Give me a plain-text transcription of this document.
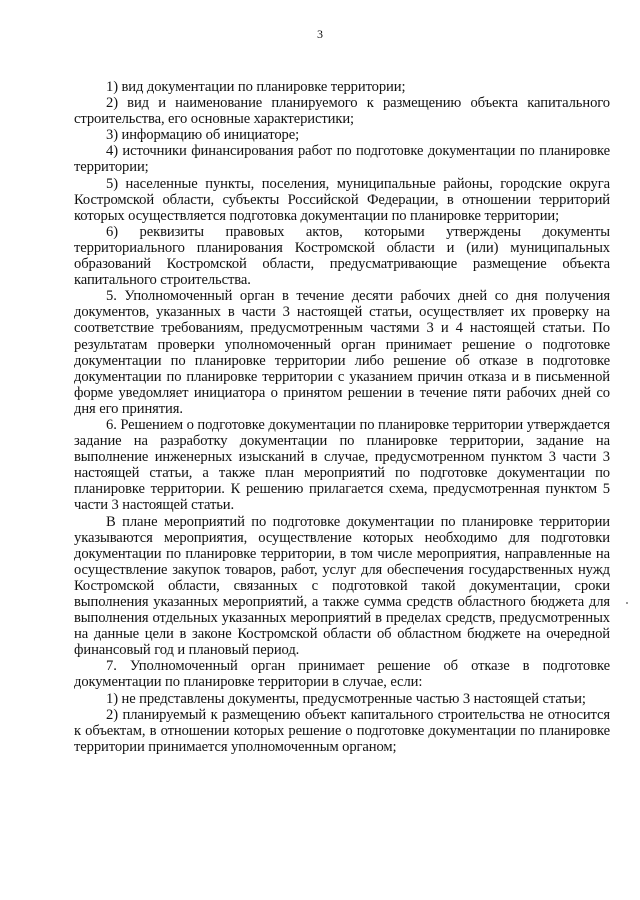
3

1) вид документации по планировке территории;

2) вид и наименование планируемого к размещению объекта капитального строительства, его основные характеристики;

3) информацию об инициаторе;

4) источники финансирования работ по подготовке документации по планировке территории;

5) населенные пункты, поселения, муниципальные районы, городские округа Костромской области, субъекты Российской Федерации, в отношении территорий которых осуществляется подготовка документации по планировке территории;

6) реквизиты правовых актов, которыми утверждены документы территориального планирования Костромской области и (или) муниципальных образований Костромской области, предусматривающие размещение объекта капитального строительства.

5. Уполномоченный орган в течение десяти рабочих дней со дня получения документов, указанных в части 3 настоящей статьи, осуществляет их проверку на соответствие требованиям, предусмотренным частями 3 и 4 настоящей статьи. По результатам проверки уполномоченный орган принимает решение о подготовке документации по планировке территории либо решение об отказе в подготовке документации по планировке территории с указанием причин отказа и в письменной форме уведомляет инициатора о принятом решении в течение пяти рабочих дней со дня его принятия.

6. Решением о подготовке документации по планировке территории утверждается задание на разработку документации по планировке территории, задание на выполнение инженерных изысканий в случае, предусмотренном пунктом 3 части 3 настоящей статьи, а также план мероприятий по подготовке документации по планировке территории. К решению прилагается схема, предусмотренная пунктом 5 части 3 настоящей статьи.

В плане мероприятий по подготовке документации по планировке территории указываются мероприятия, осуществление которых необходимо для подготовки документации по планировке территории, в том числе мероприятия, направленные на осуществление закупок товаров, работ, услуг для обеспечения государственных нужд Костромской области, связанных с подготовкой такой документации, сроки выполнения указанных мероприятий, а также сумма средств областного бюджета для выполнения отдельных указанных мероприятий в пределах средств, предусмотренных на данные цели в законе Костромской области об областном бюджете на очередной финансовый год и плановый период.

7. Уполномоченный орган принимает решение об отказе в подготовке документации по планировке территории в случае, если:

1) не представлены документы, предусмотренные частью 3 настоящей статьи;

2) планируемый к размещению объект капитального строительства не относится к объектам, в отношении которых решение о подготовке документации по планировке территории принимается уполномоченным органом;
